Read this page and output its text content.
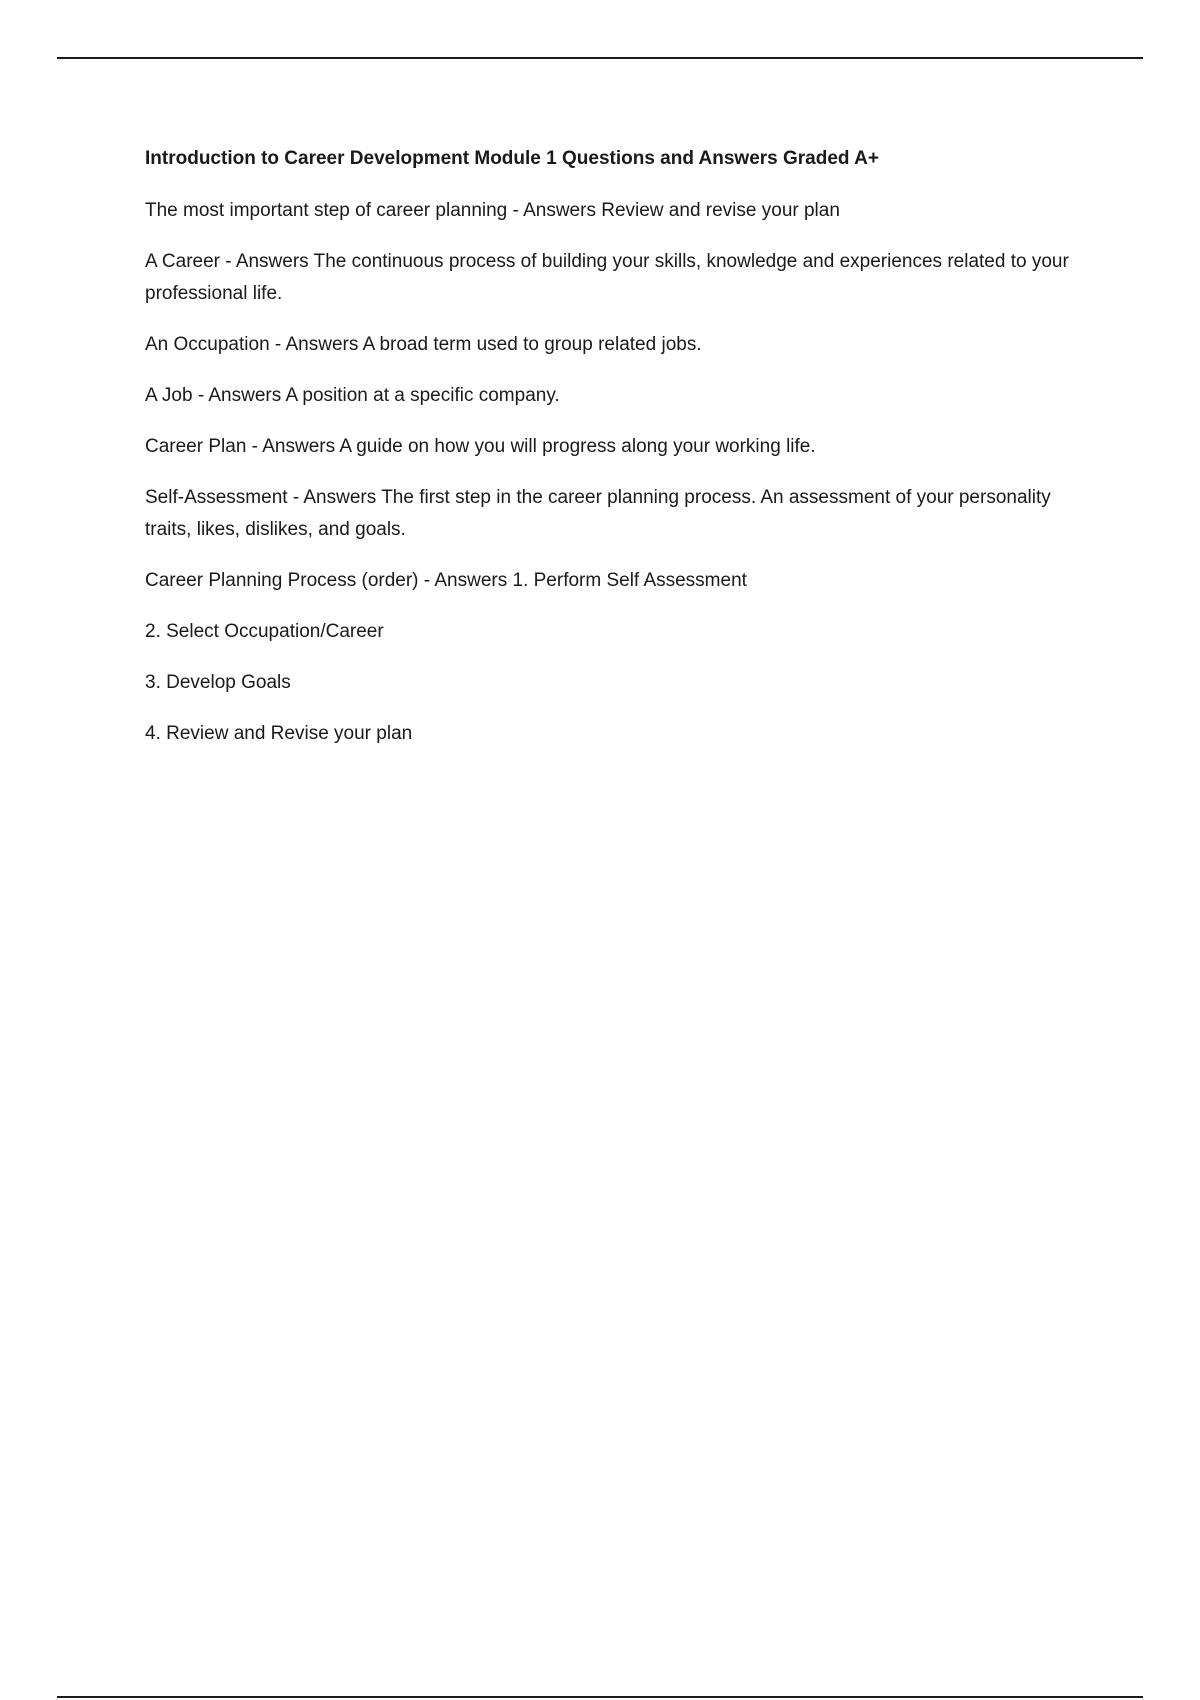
Introduction to Career Development Module 1 Questions and Answers Graded A+
The most important step of career planning - Answers Review and revise your plan
A Career - Answers The continuous process of building your skills, knowledge and experiences related to your professional life.
An Occupation - Answers A broad term used to group related jobs.
A Job - Answers A position at a specific company.
Career Plan - Answers A guide on how you will progress along your working life.
Self-Assessment - Answers The first step in the career planning process. An assessment of your personality traits, likes, dislikes, and goals.
Career Planning Process (order) - Answers 1. Perform Self Assessment
2. Select Occupation/Career
3. Develop Goals
4. Review and Revise your plan
